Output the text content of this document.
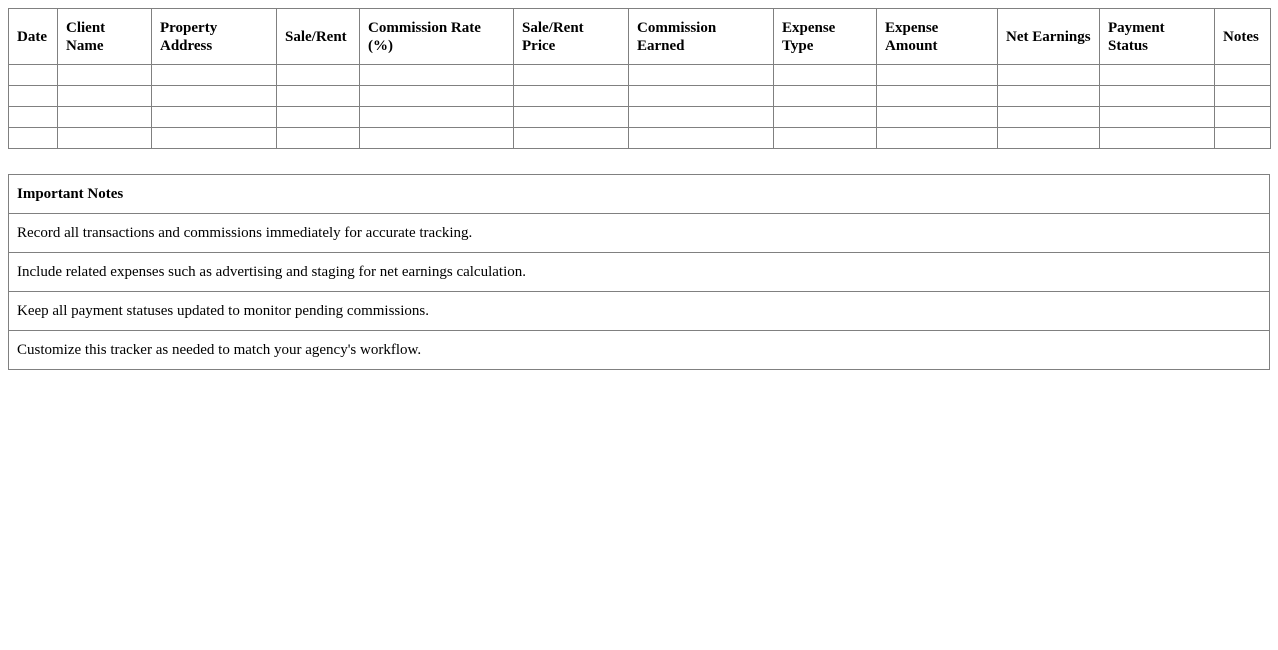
Date	Client Name	Property Address	Sale/Rent	Commission Rate (%)	Sale/Rent Price	Commission Earned	Expense Type	Expense Amount	Net Earnings	Payment Status	Notes

Important Notes
Record all transactions and commissions immediately for accurate tracking.
Include related expenses such as advertising and staging for net earnings calculation.
Keep all payment statuses updated to monitor pending commissions.
Customize this tracker as needed to match your agency's workflow.
